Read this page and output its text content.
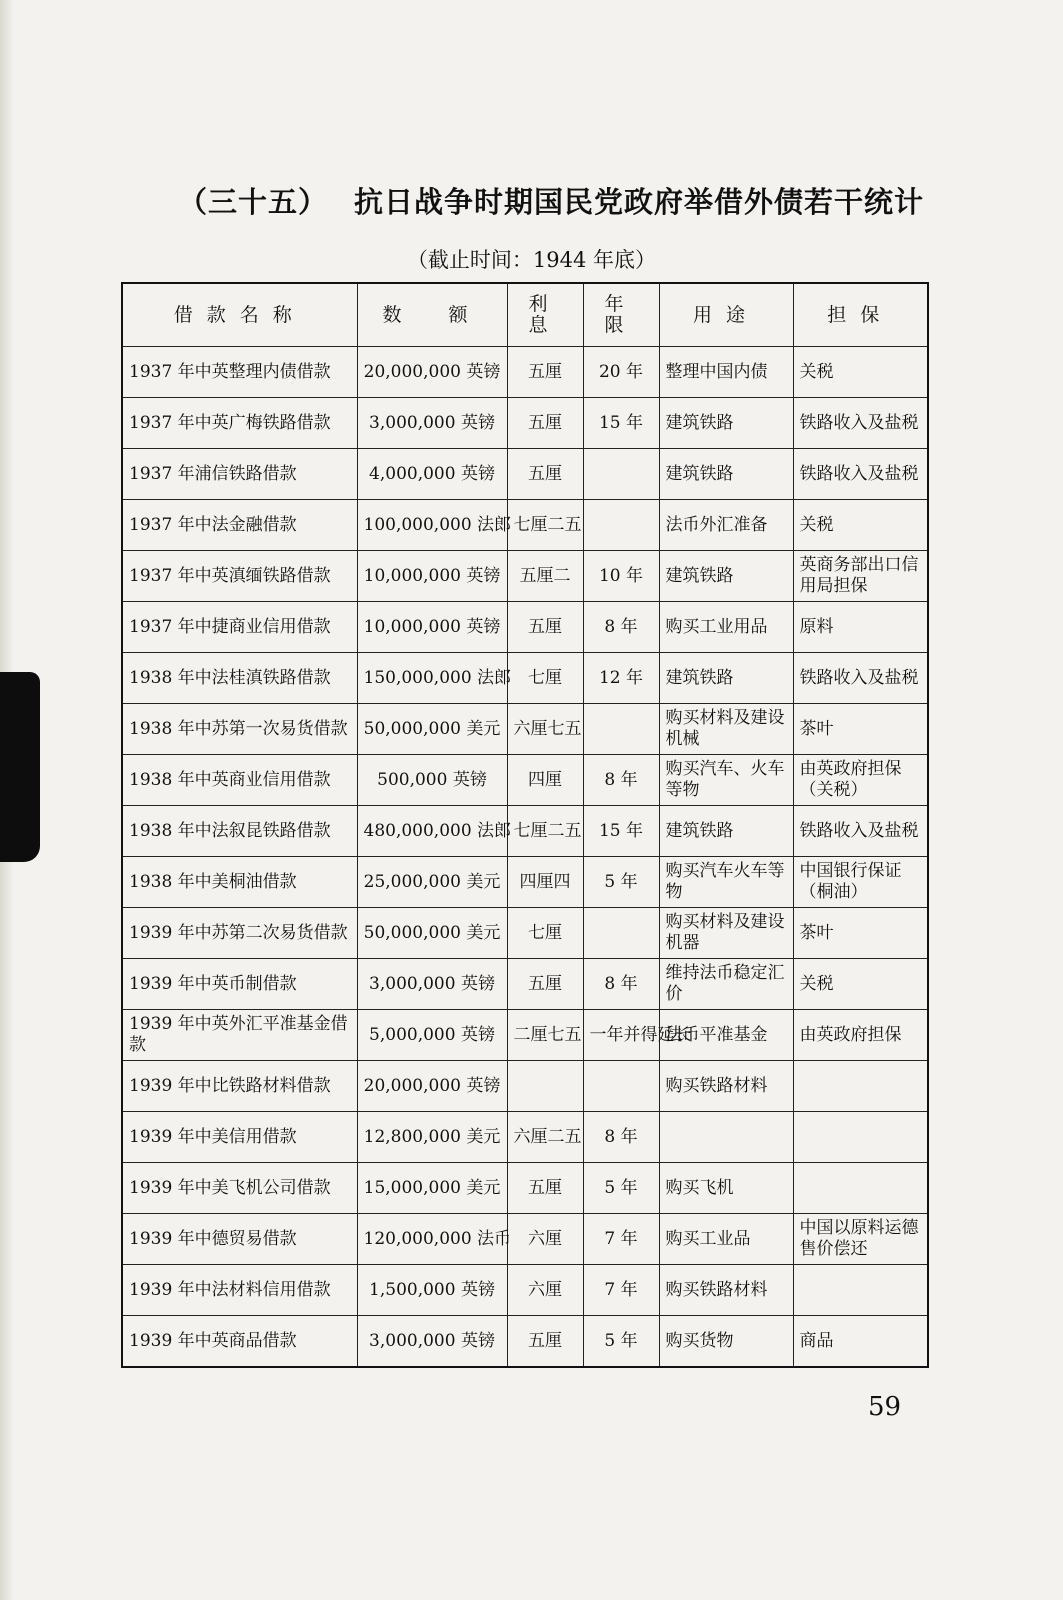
（三十五） 抗日战争时期国民党政府举借外债若干统计
（截止时间：1944 年底）
借款名称	数　额	利息	年限	用途	担保
1937 年中英整理内债借款	20,000,000 英镑	五厘	20 年	整理中国内债	关税
1937 年中英广梅铁路借款	3,000,000 英镑	五厘	15 年	建筑铁路	铁路收入及盐税
1937 年浦信铁路借款	4,000,000 英镑	五厘		建筑铁路	铁路收入及盐税
1937 年中法金融借款	100,000,000 法郎	七厘二五		法币外汇准备	关税
1937 年中英滇缅铁路借款	10,000,000 英镑	五厘二	10 年	建筑铁路	英商务部出口信用局担保
1937 年中捷商业信用借款	10,000,000 英镑	五厘	8 年	购买工业用品	原料
1938 年中法桂滇铁路借款	150,000,000 法郎	七厘	12 年	建筑铁路	铁路收入及盐税
1938 年中苏第一次易货借款	50,000,000 美元	六厘七五		购买材料及建设机械	茶叶
1938 年中英商业信用借款	500,000 英镑	四厘	8 年	购买汽车、火车等物	由英政府担保（关税）
1938 年中法叙昆铁路借款	480,000,000 法郎	七厘二五	15 年	建筑铁路	铁路收入及盐税
1938 年中美桐油借款	25,000,000 美元	四厘四	5 年	购买汽车火车等物	中国银行保证（桐油）
1939 年中苏第二次易货借款	50,000,000 美元	七厘		购买材料及建设机器	茶叶
1939 年中英币制借款	3,000,000 英镑	五厘	8 年	维持法币稳定汇价	关税
1939 年中英外汇平准基金借款	5,000,000 英镑	二厘七五	一年并得延长	法币平准基金	由英政府担保
1939 年中比铁路材料借款	20,000,000 英镑			购买铁路材料	
1939 年中美信用借款	12,800,000 美元	六厘二五	8 年		
1939 年中美飞机公司借款	15,000,000 美元	五厘	5 年	购买飞机	
1939 年中德贸易借款	120,000,000 法币	六厘	7 年	购买工业品	中国以原料运德售价偿还
1939 年中法材料信用借款	1,500,000 英镑	六厘	7 年	购买铁路材料	
1939 年中英商品借款	3,000,000 英镑	五厘	5 年	购买货物	商品
59
